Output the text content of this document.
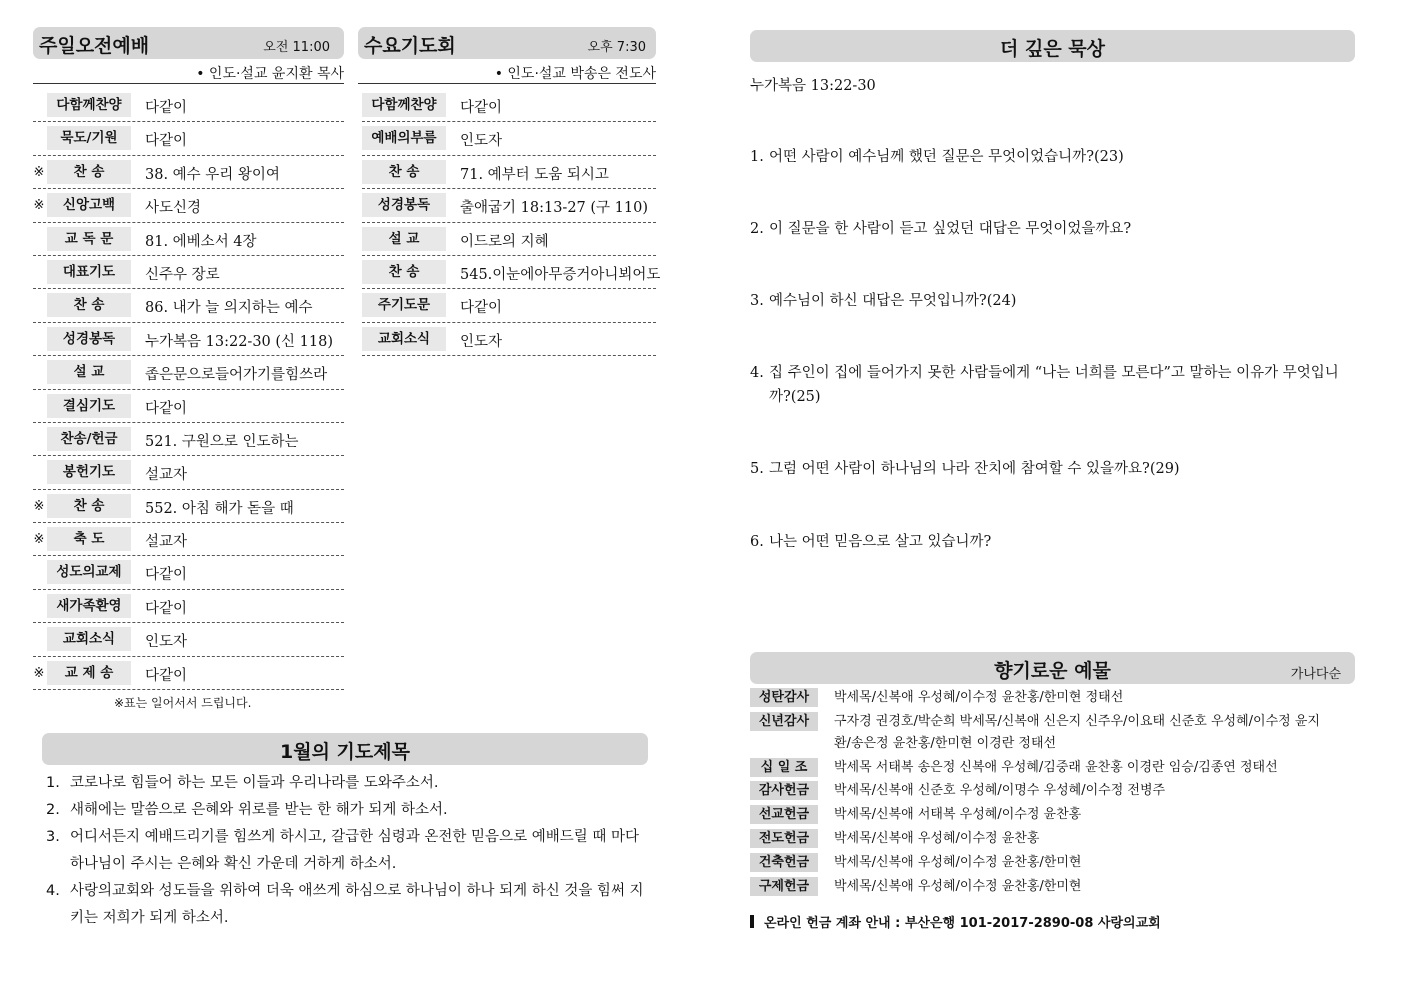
주일오전예배	오전 11:00
• 인도·설교 윤지환 목사
다함께찬양	다같이
묵도/기원	다같이
※	찬 송	38. 예수 우리 왕이여
※	신앙고백	사도신경
교 독 문	81. 에베소서 4장
대표기도	신주우 장로
찬 송	86. 내가 늘 의지하는 예수
성경봉독	누가복음 13:22-30 (신 118)
설 교	좁은문으로들어가기를힘쓰라
결심기도	다같이
찬송/헌금	521. 구원으로 인도하는
봉헌기도	설교자
※	찬 송	552. 아침 해가 돋을 때
※	축 도	설교자
성도의교제	다같이
새가족환영	다같이
교회소식	인도자
※	교 제 송	다같이
※표는 일어서서 드립니다.
수요기도회	오후 7:30
• 인도·설교 박송은 전도사
다함께찬양	다같이
예배의부름	인도자
찬 송	71. 예부터 도움 되시고
성경봉독	출애굽기 18:13-27 (구 110)
설 교	이드로의 지혜
찬 송	545.이눈에아무증거아니뵈어도
주기도문	다같이
교회소식	인도자
1월의 기도제목
1. 코로나로 힘들어 하는 모든 이들과 우리나라를 도와주소서.
2. 새해에는 말씀으로 은혜와 위로를 받는 한 해가 되게 하소서.
3. 어디서든지 예배드리기를 힘쓰게 하시고, 갈급한 심령과 온전한 믿음으로 예배드릴 때 마다 하나님이 주시는 은혜와 확신 가운데 거하게 하소서.
4. 사랑의교회와 성도들을 위하여 더욱 애쓰게 하심으로 하나님이 하나 되게 하신 것을 힘써 지키는 저희가 되게 하소서.
더 깊은 묵상
누가복음 13:22-30
1. 어떤 사람이 예수님께 했던 질문은 무엇이었습니까?(23)
2. 이 질문을 한 사람이 듣고 싶었던 대답은 무엇이었을까요?
3. 예수님이 하신 대답은 무엇입니까?(24)
4. 집 주인이 집에 들어가지 못한 사람들에게 “나는 너희를 모른다”고 말하는 이유가 무엇입니까?(25)
5. 그럼 어떤 사람이 하나님의 나라 잔치에 참여할 수 있을까요?(29)
6. 나는 어떤 믿음으로 살고 있습니까?
향기로운 예물	가나다순
성탄감사	박세목/신복애 우성혜/이수정 윤찬홍/한미현 정태선
신년감사	구자경 권경호/박순희 박세목/신복애 신은지 신주우/이요태 신준호 우성혜/이수정 윤지환/송은정 윤찬홍/한미현 이경란 정태선
십 일 조	박세목 서태복 송은정 신복애 우성혜/김중래 윤찬홍 이경란 임승/김종연 정태선
감사헌금	박세목/신복애 신준호 우성혜/이명수 우성혜/이수정 전병주
선교헌금	박세목/신복애 서태복 우성혜/이수정 윤찬홍
전도헌금	박세목/신복애 우성혜/이수정 윤찬홍
건축헌금	박세목/신복애 우성혜/이수정 윤찬홍/한미현
구제헌금	박세목/신복애 우성혜/이수정 윤찬홍/한미현
온라인 헌금 계좌 안내 : 부산은행 101-2017-2890-08 사랑의교회
